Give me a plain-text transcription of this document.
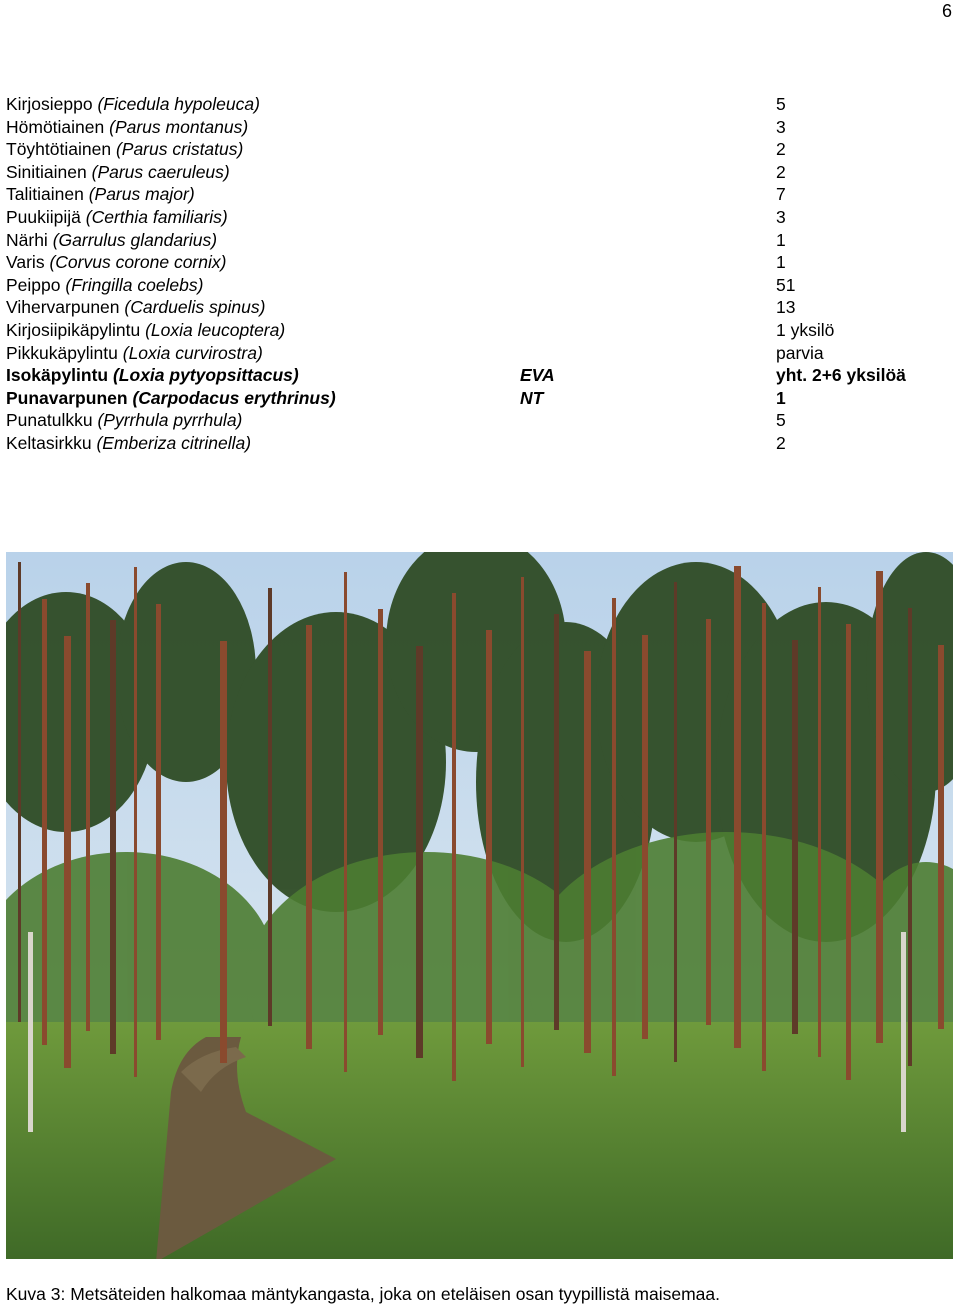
6
Kirjosieppo (Ficedula hypoleuca)	5
Hömötiainen (Parus montanus)	3
Töyhtötiainen (Parus cristatus)	2
Sinitiainen (Parus caeruleus)	2
Talitiainen (Parus major)	7
Puukiipijä (Certhia familiaris)	3
Närhi (Garrulus glandarius)	1
Varis (Corvus corone cornix)	1
Peippo (Fringilla coelebs)	51
Vihervarpunen (Carduelis spinus)	13
Kirjosiipikäpylintu (Loxia leucoptera)	1 yksilö
Pikkukäpylintu (Loxia curvirostra)	parvia
Isokäpylintu (Loxia pytyopsittacus)	EVA	yht. 2+6 yksilöä
Punavarpunen (Carpodacus erythrinus)	NT	1
Punatulkku (Pyrrhula pyrrhula)	5
Keltasirkku (Emberiza citrinella)	2
Kuva 3: Metsäteiden halkomaa mäntykangasta, joka on eteläisen osan tyypillistä maisemaa.
